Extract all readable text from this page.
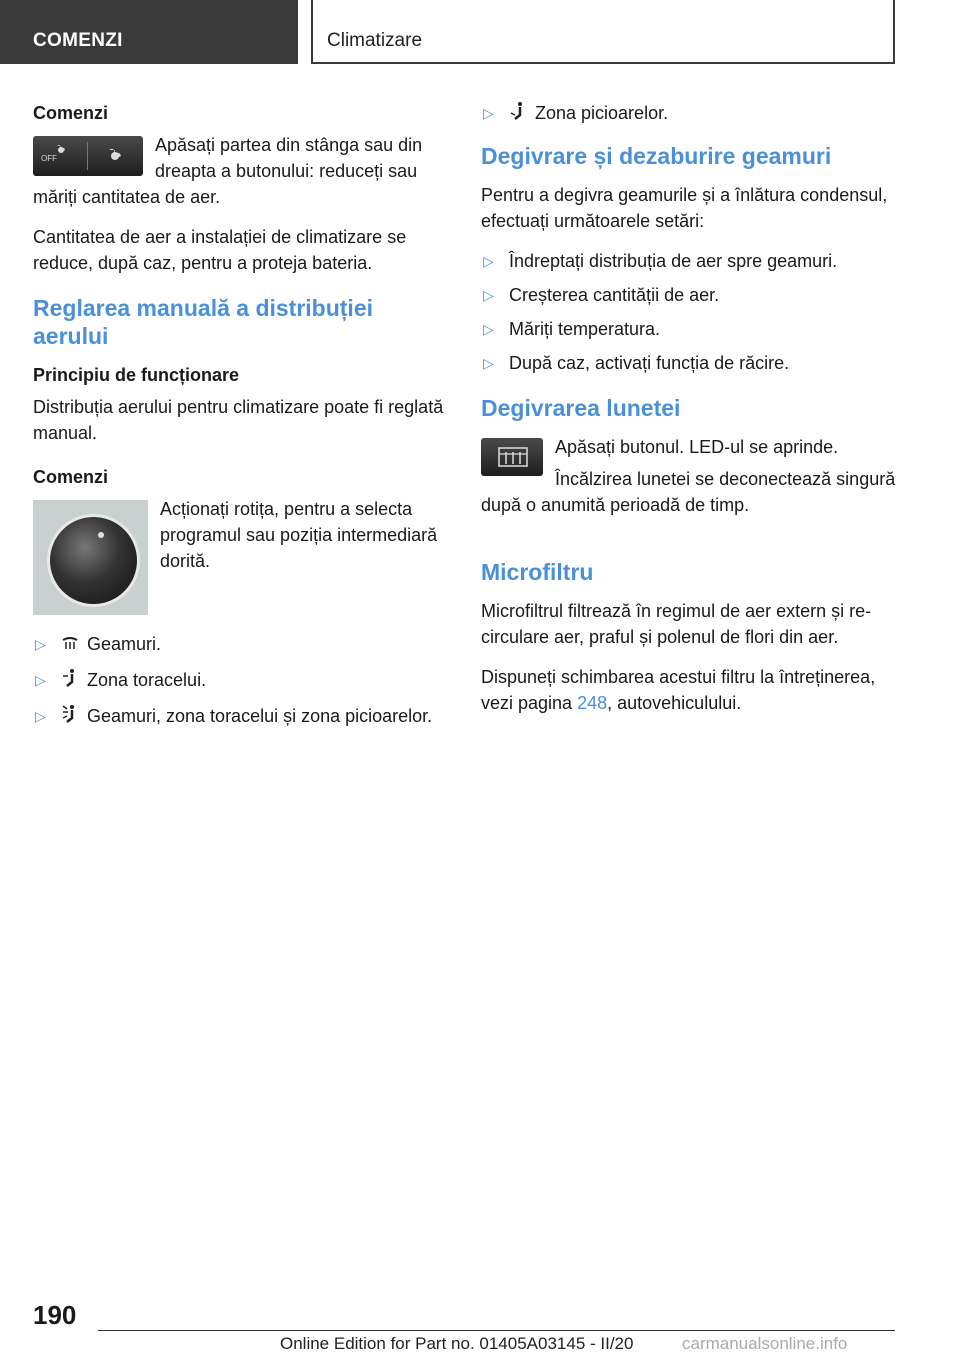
COMENZI	Climatizare
Comenzi
OFF

Apăsați partea din stânga sau din dreapta a butonului: reduceți sau măriți cantitatea de aer.

Cantitatea de aer a instalației de climatizare se reduce, după caz, pentru a proteja bateria.

Reglarea manuală a distribuției aerului
Principiu de funcționare

Distribuția aerului pentru climatizare poate fi reglată manual.

Comenzi

Acționați rotița, pentru a selecta programul sau poziția intermediară dorită.

▷ Geamuri.
▷ Zona toracelui.
▷ Geamuri, zona toracelui și zona picioarelor.
▷ Zona picioarelor.
Degivrare și dezaburire geamuri

Pentru a degivra geamurile și a înlătura condensul, efectuați următoarele setări:

▷ Îndreptați distribuția de aer spre geamuri.
▷ Creșterea cantității de aer.
▷ Măriți temperatura.
▷ După caz, activați funcția de răcire.
Degivrarea lunetei

Apăsați butonul. LED-ul se aprinde.

Încălzirea lunetei se deconectează singură după o anumită perioadă de timp.

Microfiltru

Microfiltrul filtrează în regimul de aer extern și recirculare aer, praful și polenul de flori din aer.

Dispuneți schimbarea acestui filtru la întreținerea, vezi pagina 248, autovehiculului.

190
Online Edition for Part no. 01405A03145 - II/20	carmanualsonline.info
